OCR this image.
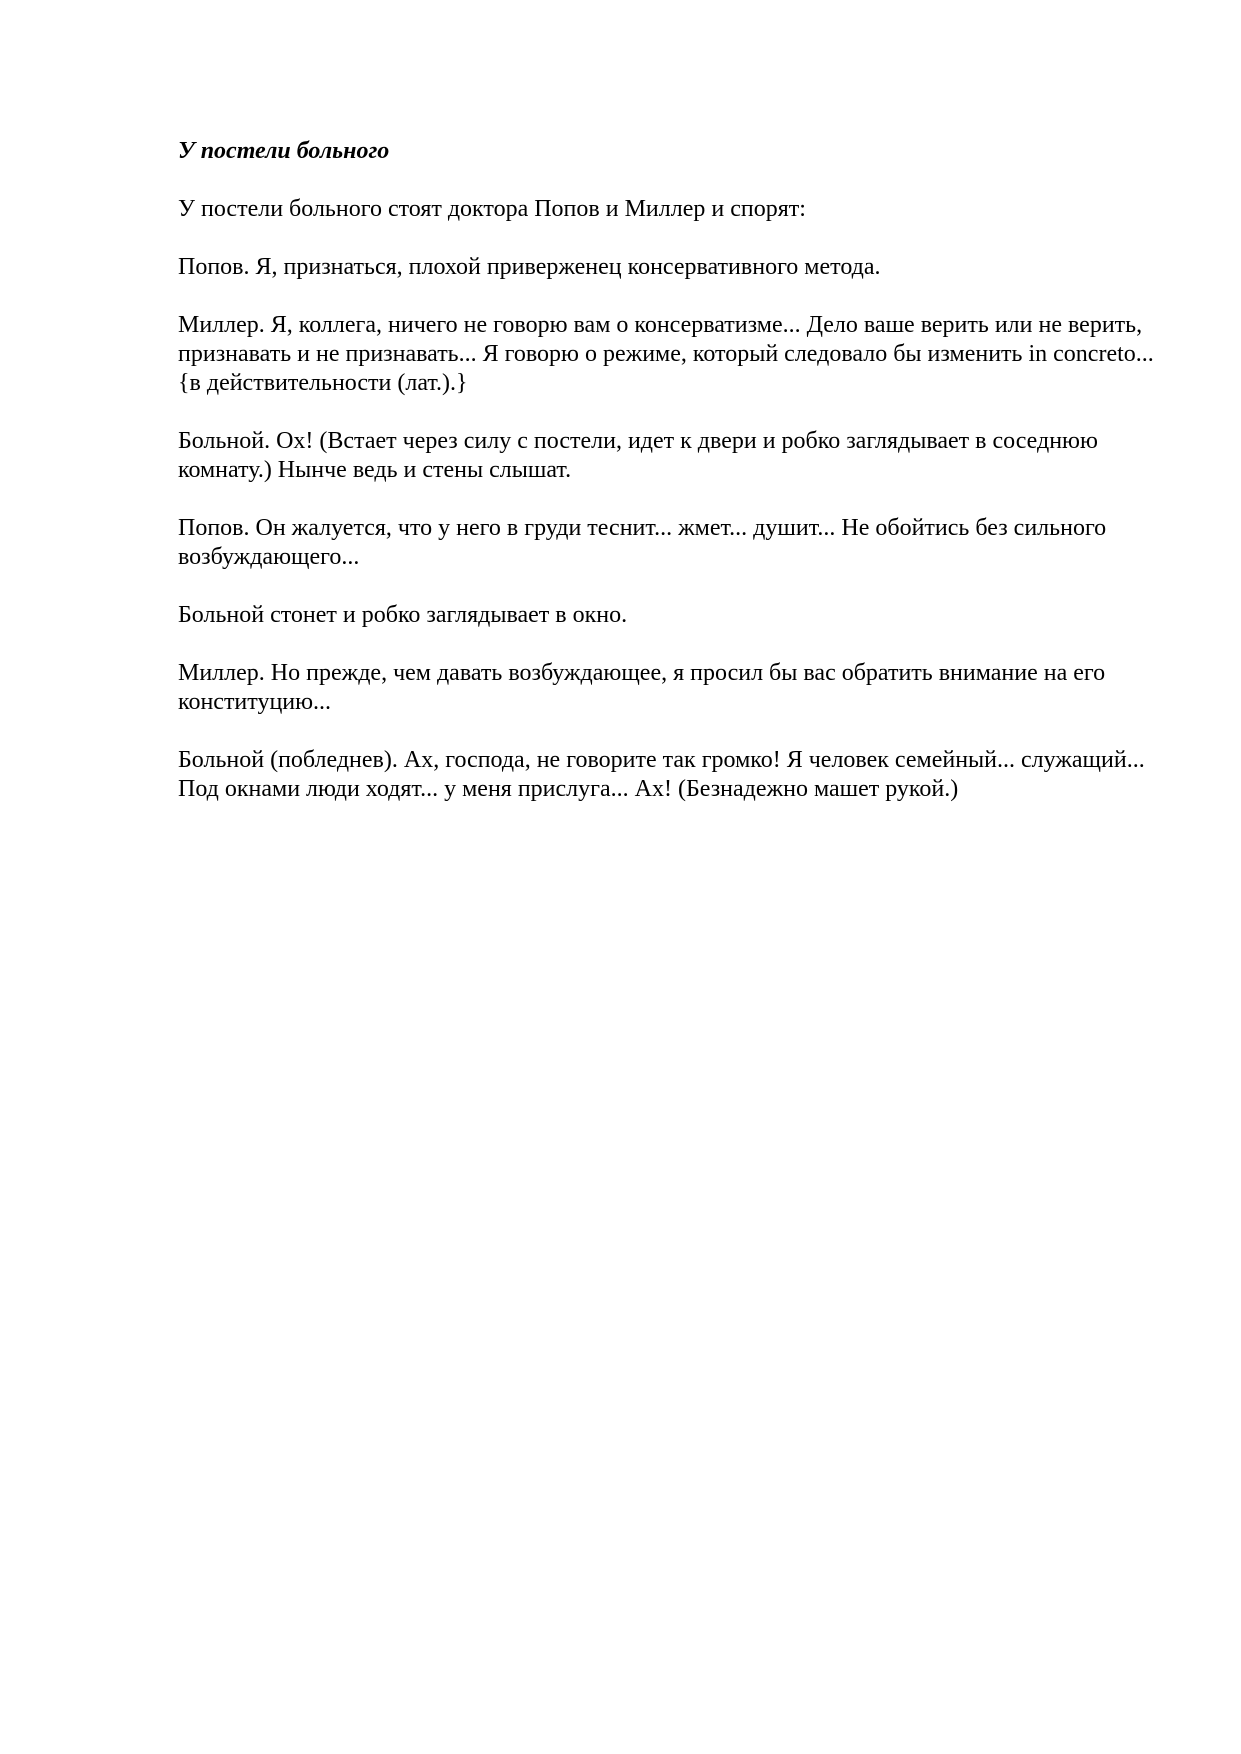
У постели больного
У постели больного стоят доктора Попов и Миллер и спорят:
Попов. Я, признаться, плохой приверженец консервативного метода.
Миллер. Я, коллега, ничего не говорю вам о консерватизме... Дело ваше верить или не верить, признавать и не признавать... Я говорю о режиме, который следовало бы изменить in concreto... {в действительности (лат.).}
Больной. Ох! (Встает через силу с постели, идет к двери и робко заглядывает в соседнюю комнату.) Нынче ведь и стены слышат.
Попов. Он жалуется, что у него в груди теснит... жмет... душит... Не обойтись без сильного возбуждающего...
Больной стонет и робко заглядывает в окно.
Миллер. Но прежде, чем давать возбуждающее, я просил бы вас обратить внимание на его конституцию...
Больной (побледнев). Ах, господа, не говорите так громко! Я человек семейный... служащий... Под окнами люди ходят... у меня прислуга... Ах! (Безнадежно машет рукой.)
